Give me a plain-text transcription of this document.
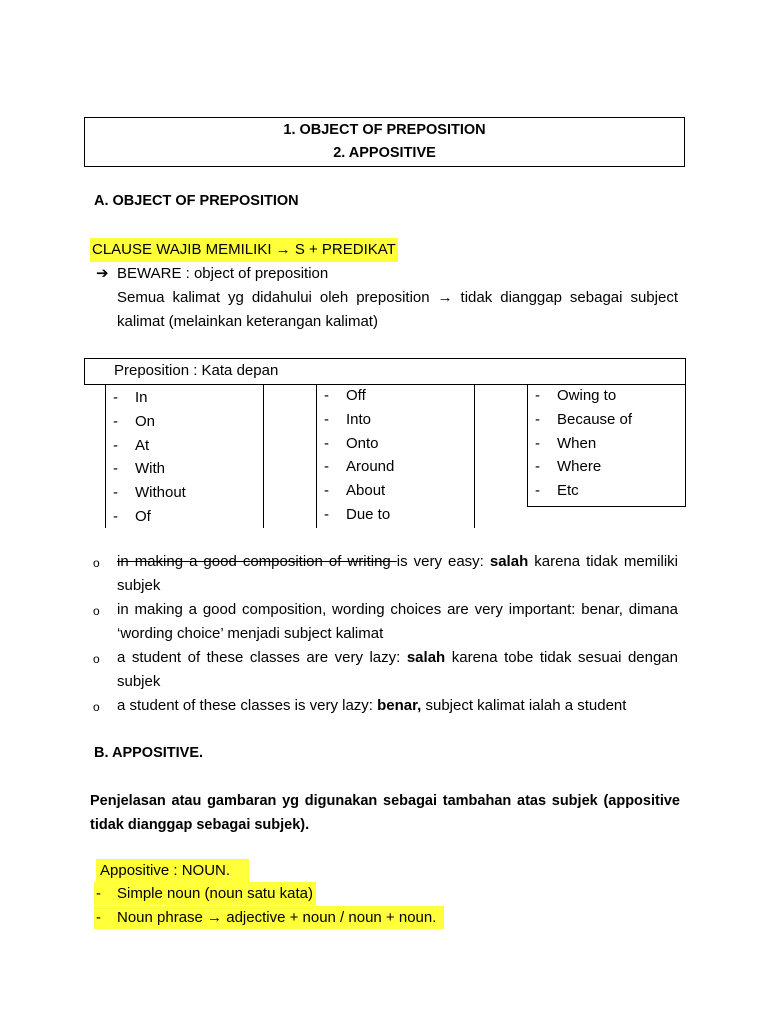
1. OBJECT OF PREPOSITION
2. APPOSITIVE
A. OBJECT OF PREPOSITION
CLAUSE WAJIB MEMILIKI → S + PREDIKAT
➔ BEWARE : object of preposition
Semua kalimat yg didahului oleh preposition → tidak dianggap sebagai subject kalimat (melainkan keterangan kalimat)
Preposition : Kata depan
- In
- On
- At
- With
- Without
- Of
- Off
- Into
- Onto
- Around
- About
- Due to
- Owing to
- Because of
- When
- Where
- Etc
o in making a good composition of writing is very easy: salah karena tidak memiliki subjek
o in making a good composition, wording choices are very important: benar, dimana ‘wording choice’ menjadi subject kalimat
o a student of these classes are very lazy: salah karena tobe tidak sesuai dengan subjek
o a student of these classes is very lazy: benar, subject kalimat ialah a student
B. APPOSITIVE.
Penjelasan atau gambaran yg digunakan sebagai tambahan atas subjek (appositive tidak dianggap sebagai subjek).
Appositive : NOUN.
- Simple noun (noun satu kata)
- Noun phrase → adjective + noun / noun + noun.
